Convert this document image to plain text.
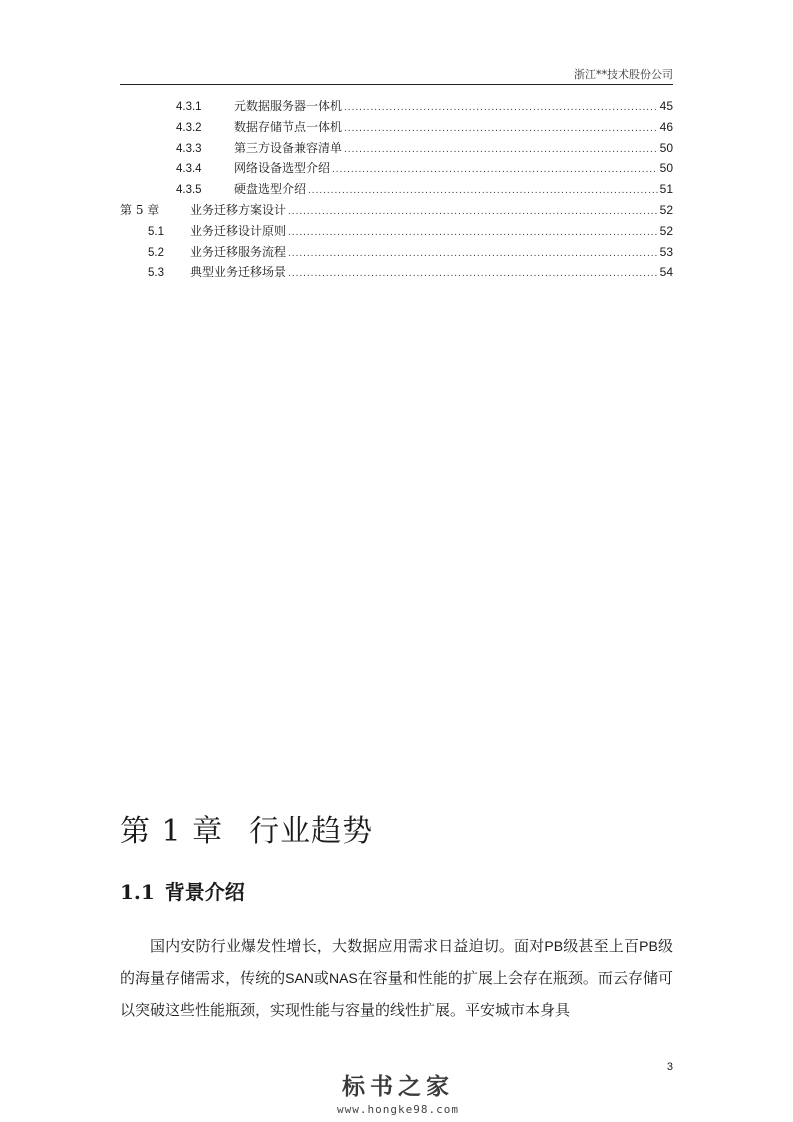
浙江**技术股份公司
4.3.1	元数据服务器一体机 .....	45
4.3.2	数据存储节点一体机 .....	46
4.3.3	第三方设备兼容清单 .....	50
4.3.4	网络设备选型介绍 .....	50
4.3.5	硬盘选型介绍 .....	51
第 5 章	业务迁移方案设计 .....	52
5.1	业务迁移设计原则 .....	52
5.2	业务迁移服务流程 .....	53
5.3	典型业务迁移场景 .....	54
第 1 章 行业趋势
1.1 背景介绍

国内安防行业爆发性增长，大数据应用需求日益迫切。面对PB级甚至上百PB级的海量存储需求，传统的SAN或NAS在容量和性能的扩展上会存在瓶颈。而云存储可以突破这些性能瓶颈，实现性能与容量的线性扩展。平安城市本身具

3
标书之家
www.hongke98.com
